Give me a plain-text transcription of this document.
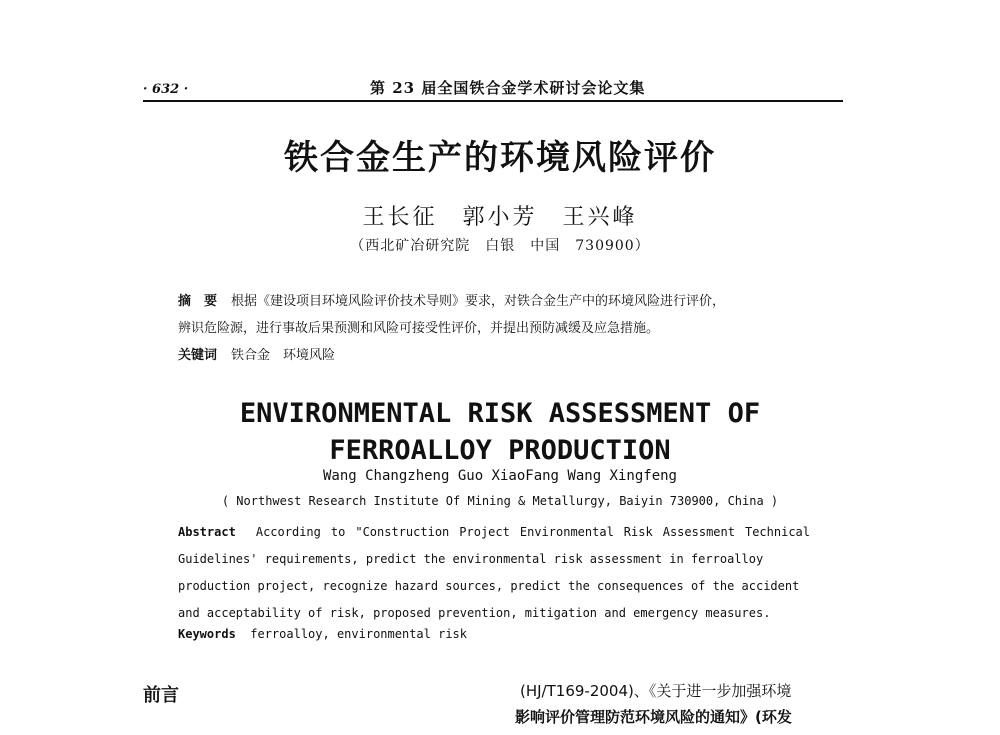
· 632 ·	第 23 届全国铁合金学术研讨会论文集
铁合金生产的环境风险评价
王长征　郭小芳　王兴峰
（西北矿冶研究院　白银　中国　730900）
摘　要 根据《建设项目环境风险评价技术导则》要求，对铁合金生产中的环境风险进行评价，
辨识危险源，进行事故后果预测和风险可接受性评价，并提出预防减缓及应急措施。
关键词 铁合金　环境风险
ENVIRONMENTAL RISK ASSESSMENT OF
FERROALLOY PRODUCTION
Wang Changzheng Guo XiaoFang Wang Xingfeng
( Northwest Research Institute Of Mining & Metallurgy, Baiyin 730900, China )
Abstract According to "Construction Project Environmental Risk Assessment Technical
Guidelines' requirements, predict the environmental risk assessment in ferroalloy
production project, recognize hazard sources, predict the consequences of the accident
and acceptability of risk, proposed prevention, mitigation and emergency measures.
Keywords ferroalloy, environmental risk
前言	(HJ/T169-2004)、《关于进一步加强环境
影响评价管理防范环境风险的通知》(环发
